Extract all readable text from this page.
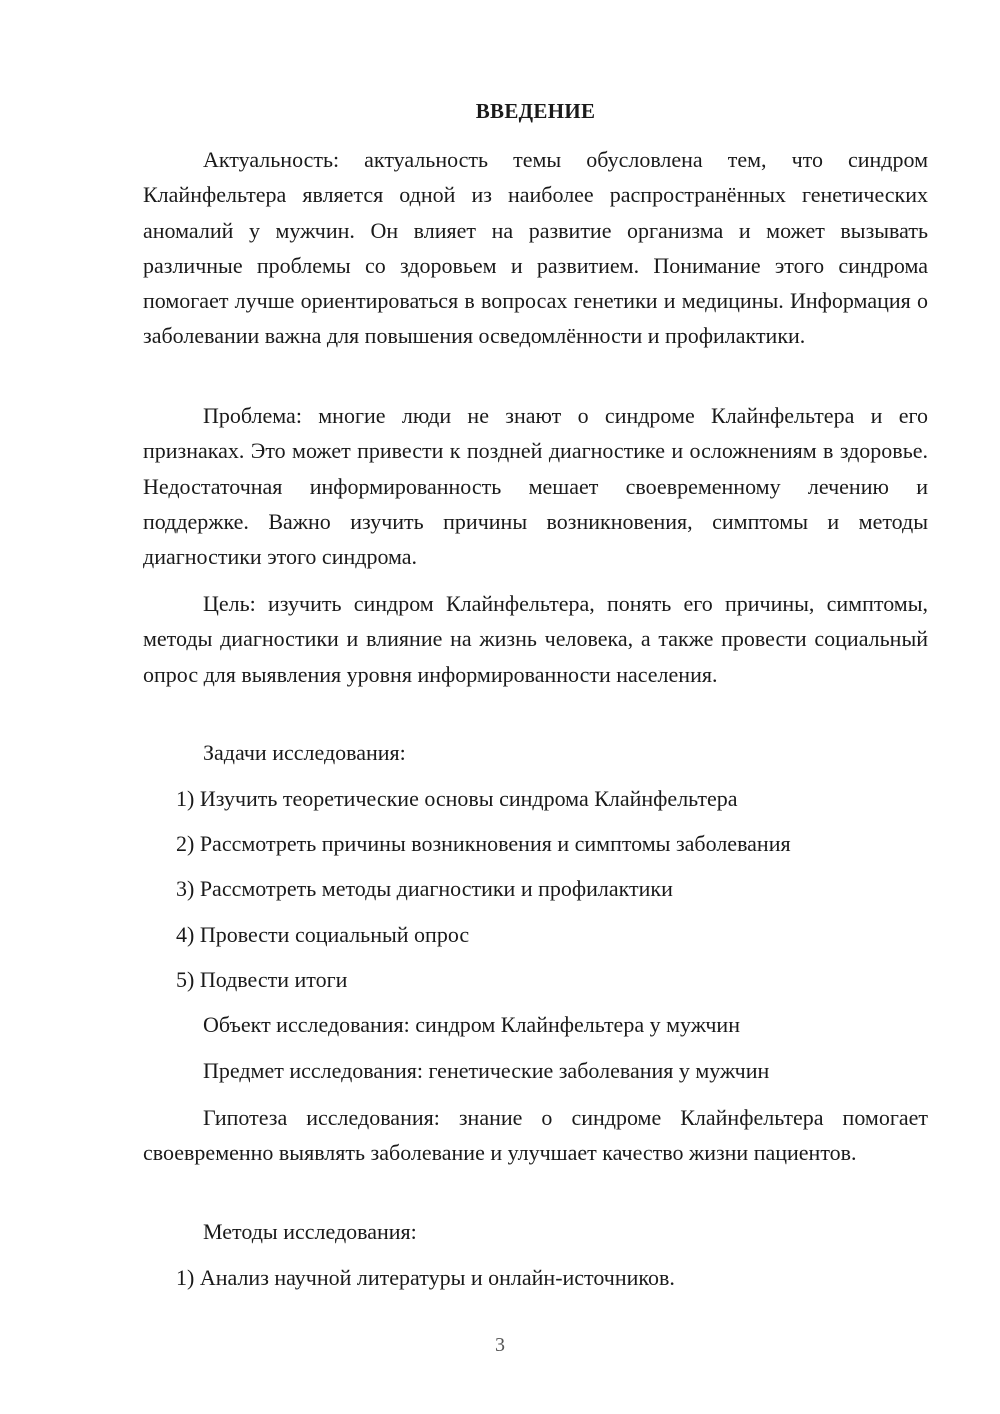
ВВЕДЕНИЕ

Актуальность: актуальность темы обусловлена тем, что синдром Клайнфельтера является одной из наиболее распространённых генетических аномалий у мужчин. Он влияет на развитие организма и может вызывать различные проблемы со здоровьем и развитием. Понимание этого синдрома помогает лучше ориентироваться в вопросах генетики и медицины. Информация о заболевании важна для повышения осведомлённости и профилактики.

Проблема: многие люди не знают о синдроме Клайнфельтера и его признаках. Это может привести к поздней диагностике и осложнениям в здоровье. Недостаточная информированность мешает своевременному лечению и поддержке. Важно изучить причины возникновения, симптомы и методы диагностики этого синдрома.

Цель: изучить синдром Клайнфельтера, понять его причины, симптомы, методы диагностики и влияние на жизнь человека, а также провести социальный опрос для выявления уровня информированности населения.

Задачи исследования:

1) Изучить теоретические основы синдрома Клайнфельтера

2) Рассмотреть причины возникновения и симптомы заболевания

3) Рассмотреть методы диагностики и профилактики

4) Провести социальный опрос

5) Подвести итоги

Объект исследования: синдром Клайнфельтера у мужчин

Предмет исследования: генетические заболевания у мужчин

Гипотеза исследования: знание о синдроме Клайнфельтера помогает своевременно выявлять заболевание и улучшает качество жизни пациентов.

Методы исследования:

1) Анализ научной литературы и онлайн-источников.

3
